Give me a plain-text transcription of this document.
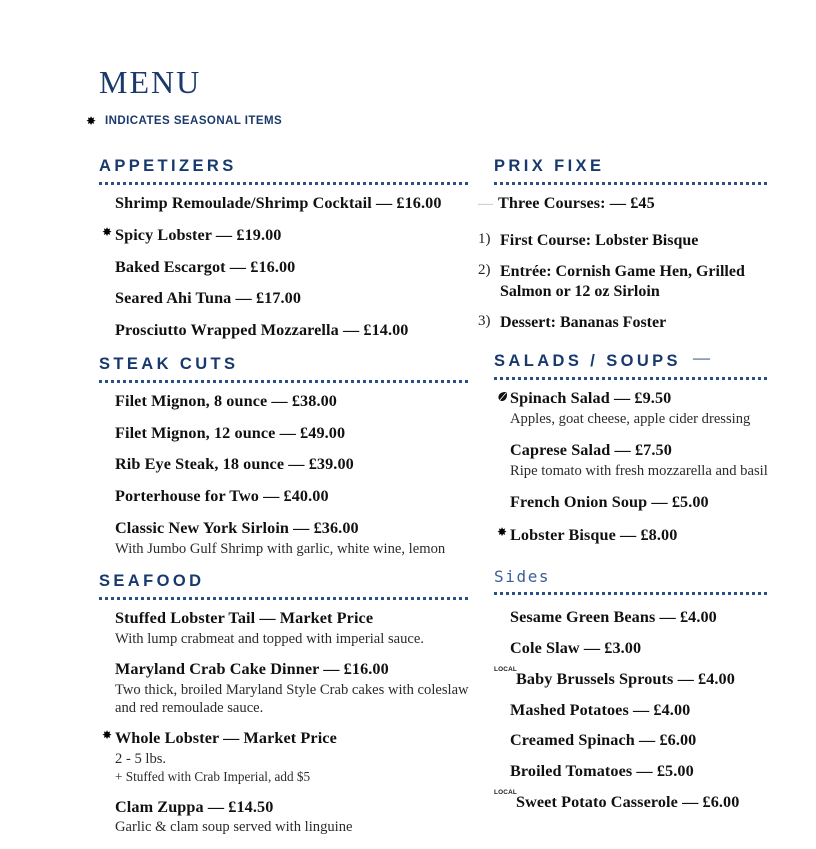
menu
✸ INDICATES SEASONAL ITEMS
APPETIZERS
Shrimp Remoulade/Shrimp Cocktail — £16.00
✸ Spicy Lobster — £19.00
Baked Escargot — £16.00
Seared Ahi Tuna — £17.00
Prosciutto Wrapped Mozzarella — £14.00
STEAK CUTS
Filet Mignon, 8 ounce — £38.00
Filet Mignon, 12 ounce — £49.00
Rib Eye Steak, 18 ounce — £39.00
Porterhouse for Two — £40.00
Classic New York Sirloin — £36.00
With Jumbo Gulf Shrimp with garlic, white wine, lemon
SEAFOOD
Stuffed Lobster Tail — Market Price
With lump crabmeat and topped with imperial sauce.
Maryland Crab Cake Dinner — £16.00
Two thick, broiled Maryland Style Crab cakes with coleslaw and red remoulade sauce.
✸ Whole Lobster — Market Price
2 - 5 lbs.
+ Stuffed with Crab Imperial, add $5
Clam Zuppa — £14.50
Garlic & clam soup served with linguine
PRIX FIXE
— Three Courses: — £45
1) First Course: Lobster Bisque
2) Entrée: Cornish Game Hen, Grilled Salmon or 12 oz Sirloin
3) Dessert: Bananas Foster
SALADS / SOUPS —
Spinach Salad — £9.50
Apples, goat cheese, apple cider dressing
Caprese Salad — £7.50
Ripe tomato with fresh mozzarella and basil
French Onion Soup — £5.00
✸ Lobster Bisque — £8.00
Sides
Sesame Green Beans — £4.00
Cole Slaw — £3.00
LOCAL
Baby Brussels Sprouts — £4.00
Mashed Potatoes — £4.00
Creamed Spinach — £6.00
Broiled Tomatoes — £5.00
LOCAL
Sweet Potato Casserole — £6.00
